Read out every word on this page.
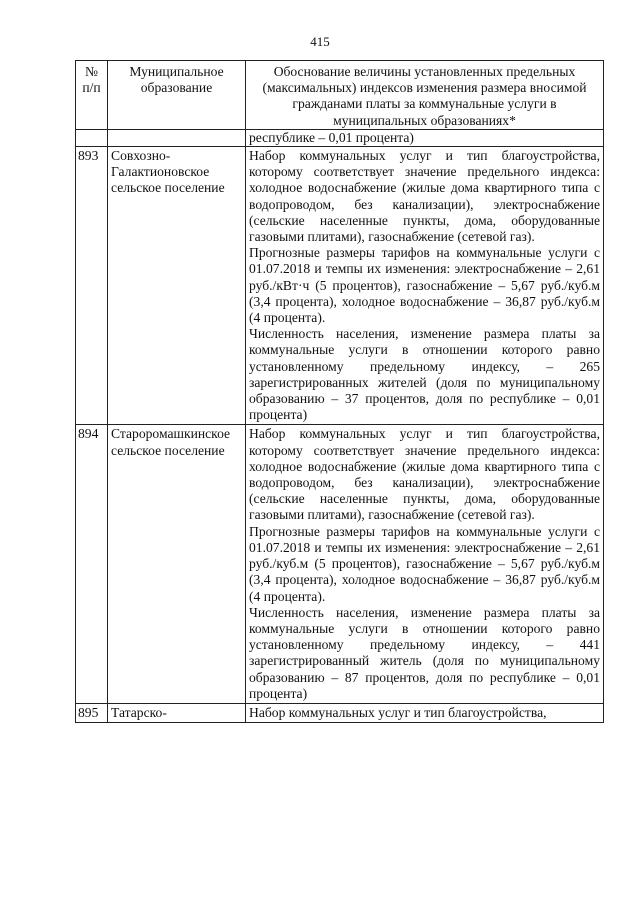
415
№ п/п	Муниципальное образование	Обоснование величины установленных предельных (максимальных) индексов изменения размера вносимой гражданами платы за коммунальные услуги в муниципальных образованиях*
		республике – 0,01 процента)
893	Совхозно-Галактионовское сельское поселение	Набор коммунальных услуг и тип благоустройства, которому соответствует значение предельного индекса: холодное водоснабжение (жилые дома квартирного типа с водопроводом, без канализации), электроснабжение (сельские населенные пункты, дома, оборудованные газовыми плитами), газоснабжение (сетевой газ).

Прогнозные размеры тарифов на коммунальные услуги с 01.07.2018 и темпы их изменения: электроснабжение – 2,61 руб./кВт·ч (5 процентов), газоснабжение – 5,67 руб./куб.м (3,4 процента), холодное водоснабжение – 36,87 руб./куб.м (4 процента).

Численность населения, изменение размера платы за коммунальные услуги в отношении которого равно установленному предельному индексу, – 265 зарегистрированных жителей (доля по муниципальному образованию – 37 процентов, доля по республике – 0,01 процента)

894	Староромашкинское сельское поселение	Набор коммунальных услуг и тип благоустройства, которому соответствует значение предельного индекса: холодное водоснабжение (жилые дома квартирного типа с водопроводом, без канализации), электроснабжение (сельские населенные пункты, дома, оборудованные газовыми плитами), газоснабжение (сетевой газ).

Прогнозные размеры тарифов на коммунальные услуги с 01.07.2018 и темпы их изменения: электроснабжение – 2,61 руб./куб.м (5 процентов), газоснабжение – 5,67 руб./куб.м (3,4 процента), холодное водоснабжение – 36,87 руб./куб.м (4 процента).

Численность населения, изменение размера платы за коммунальные услуги в отношении которого равно установленному предельному индексу, – 441 зарегистрированный житель (доля по муниципальному образованию – 87 процентов, доля по республике – 0,01 процента)

895	Татарско-	Набор коммунальных услуг и тип благоустройства,
